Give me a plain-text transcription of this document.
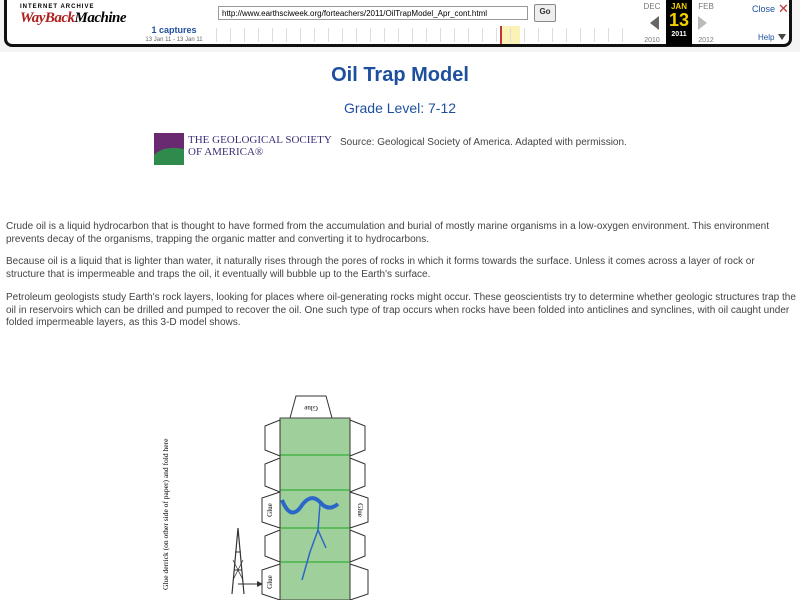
INTERNET ARCHIVE
WayBackMachine	http://www.earthsciweek.org/forteachers/2011/OilTrapModel_Apr_cont.html	Go
1 captures
13 Jan 11 - 13 Jan 11
DEC	FEB
2010	2012
JAN
13
2011
Close ✕
Help
Oil Trap Model
Grade Level: 7-12
THE GEOLOGICAL SOCIETY
OF AMERICA®
Source: Geological Society of America. Adapted with permission.

Crude oil is a liquid hydrocarbon that is thought to have formed from the accumulation and burial of mostly marine organisms in a low-oxygen environment. This environment prevents decay of the organisms, trapping the organic matter and converting it to hydrocarbons.

Because oil is a liquid that is lighter than water, it naturally rises through the pores of rocks in which it forms towards the surface. Unless it comes across a layer of rock or structure that is impermeable and traps the oil, it eventually will bubble up to the Earth's surface.

Petroleum geologists study Earth's rock layers, looking for places where oil-generating rocks might occur. These geoscientists try to determine whether geologic structures trap the oil in reservoirs which can be drilled and pumped to recover the oil. One such type of trap occurs when rocks have been folded into anticlines and synclines, with oil caught under folded impermeable layers, as this 3-D model shows.

Glue
Glue
Glue
Glue
Glue derrick (on other side of paper) and fold here
